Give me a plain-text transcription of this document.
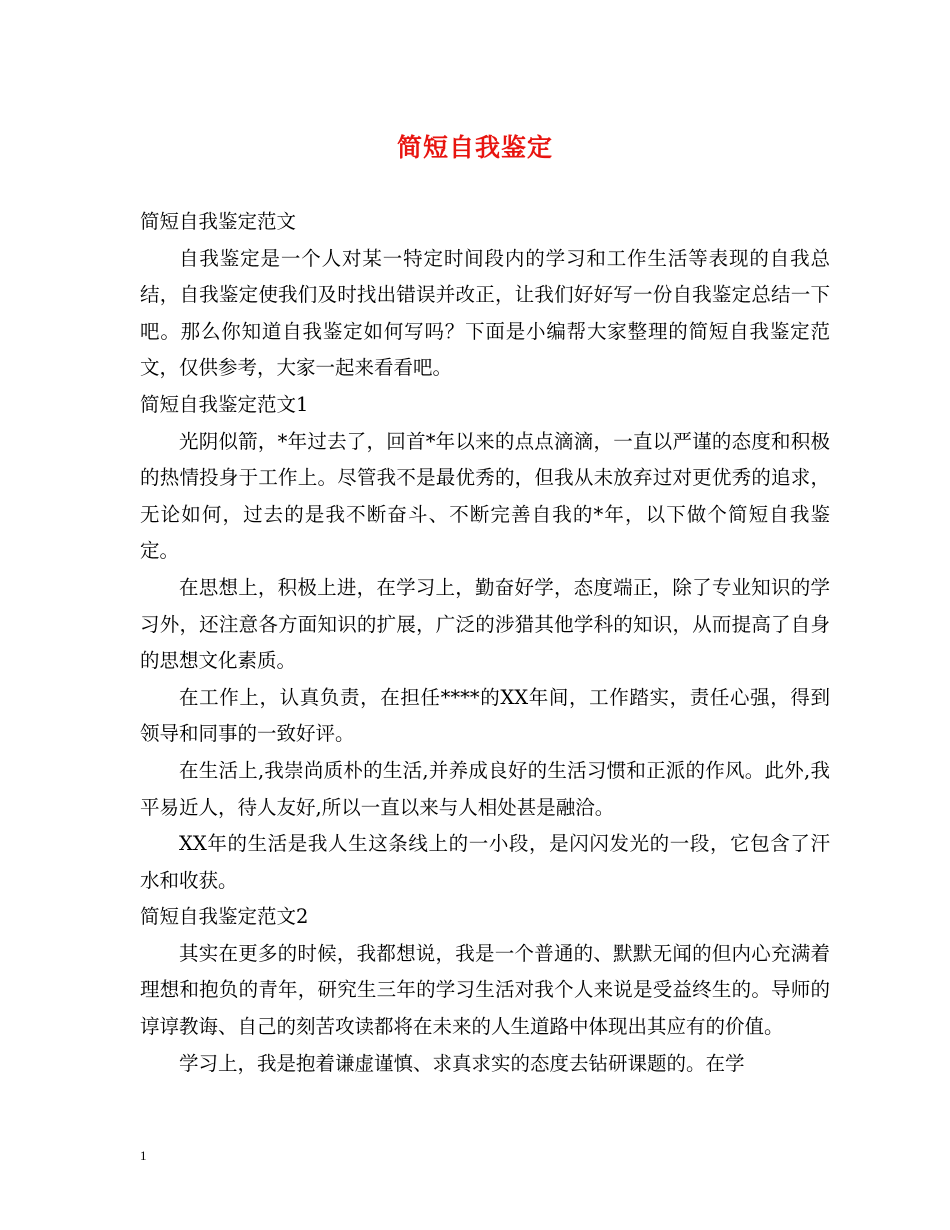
简短自我鉴定

简短自我鉴定范文

自我鉴定是一个人对某一特定时间段内的学习和工作生活等表现的自我总结，自我鉴定使我们及时找出错误并改正，让我们好好写一份自我鉴定总结一下吧。那么你知道自我鉴定如何写吗？下面是小编帮大家整理的简短自我鉴定范文，仅供参考，大家一起来看看吧。

简短自我鉴定范文1

光阴似箭，*年过去了，回首*年以来的点点滴滴，一直以严谨的态度和积极的热情投身于工作上。尽管我不是最优秀的，但我从未放弃过对更优秀的追求，无论如何，过去的是我不断奋斗、不断完善自我的*年，以下做个简短自我鉴定。

在思想上，积极上进，在学习上，勤奋好学，态度端正，除了专业知识的学习外，还注意各方面知识的扩展，广泛的涉猎其他学科的知识，从而提高了自身的思想文化素质。

在工作上，认真负责，在担任****的XX年间，工作踏实，责任心强，得到领导和同事的一致好评。

在生活上,我崇尚质朴的生活,并养成良好的生活习惯和正派的作风。此外,我平易近人，待人友好,所以一直以来与人相处甚是融洽。

XX年的生活是我人生这条线上的一小段，是闪闪发光的一段，它包含了汗水和收获。

简短自我鉴定范文2

其实在更多的时候，我都想说，我是一个普通的、默默无闻的但内心充满着理想和抱负的青年，研究生三年的学习生活对我个人来说是受益终生的。导师的谆谆教诲、自己的刻苦攻读都将在未来的人生道路中体现出其应有的价值。

学习上，我是抱着谦虚谨慎、求真求实的态度去钻研课题的。在学

1
